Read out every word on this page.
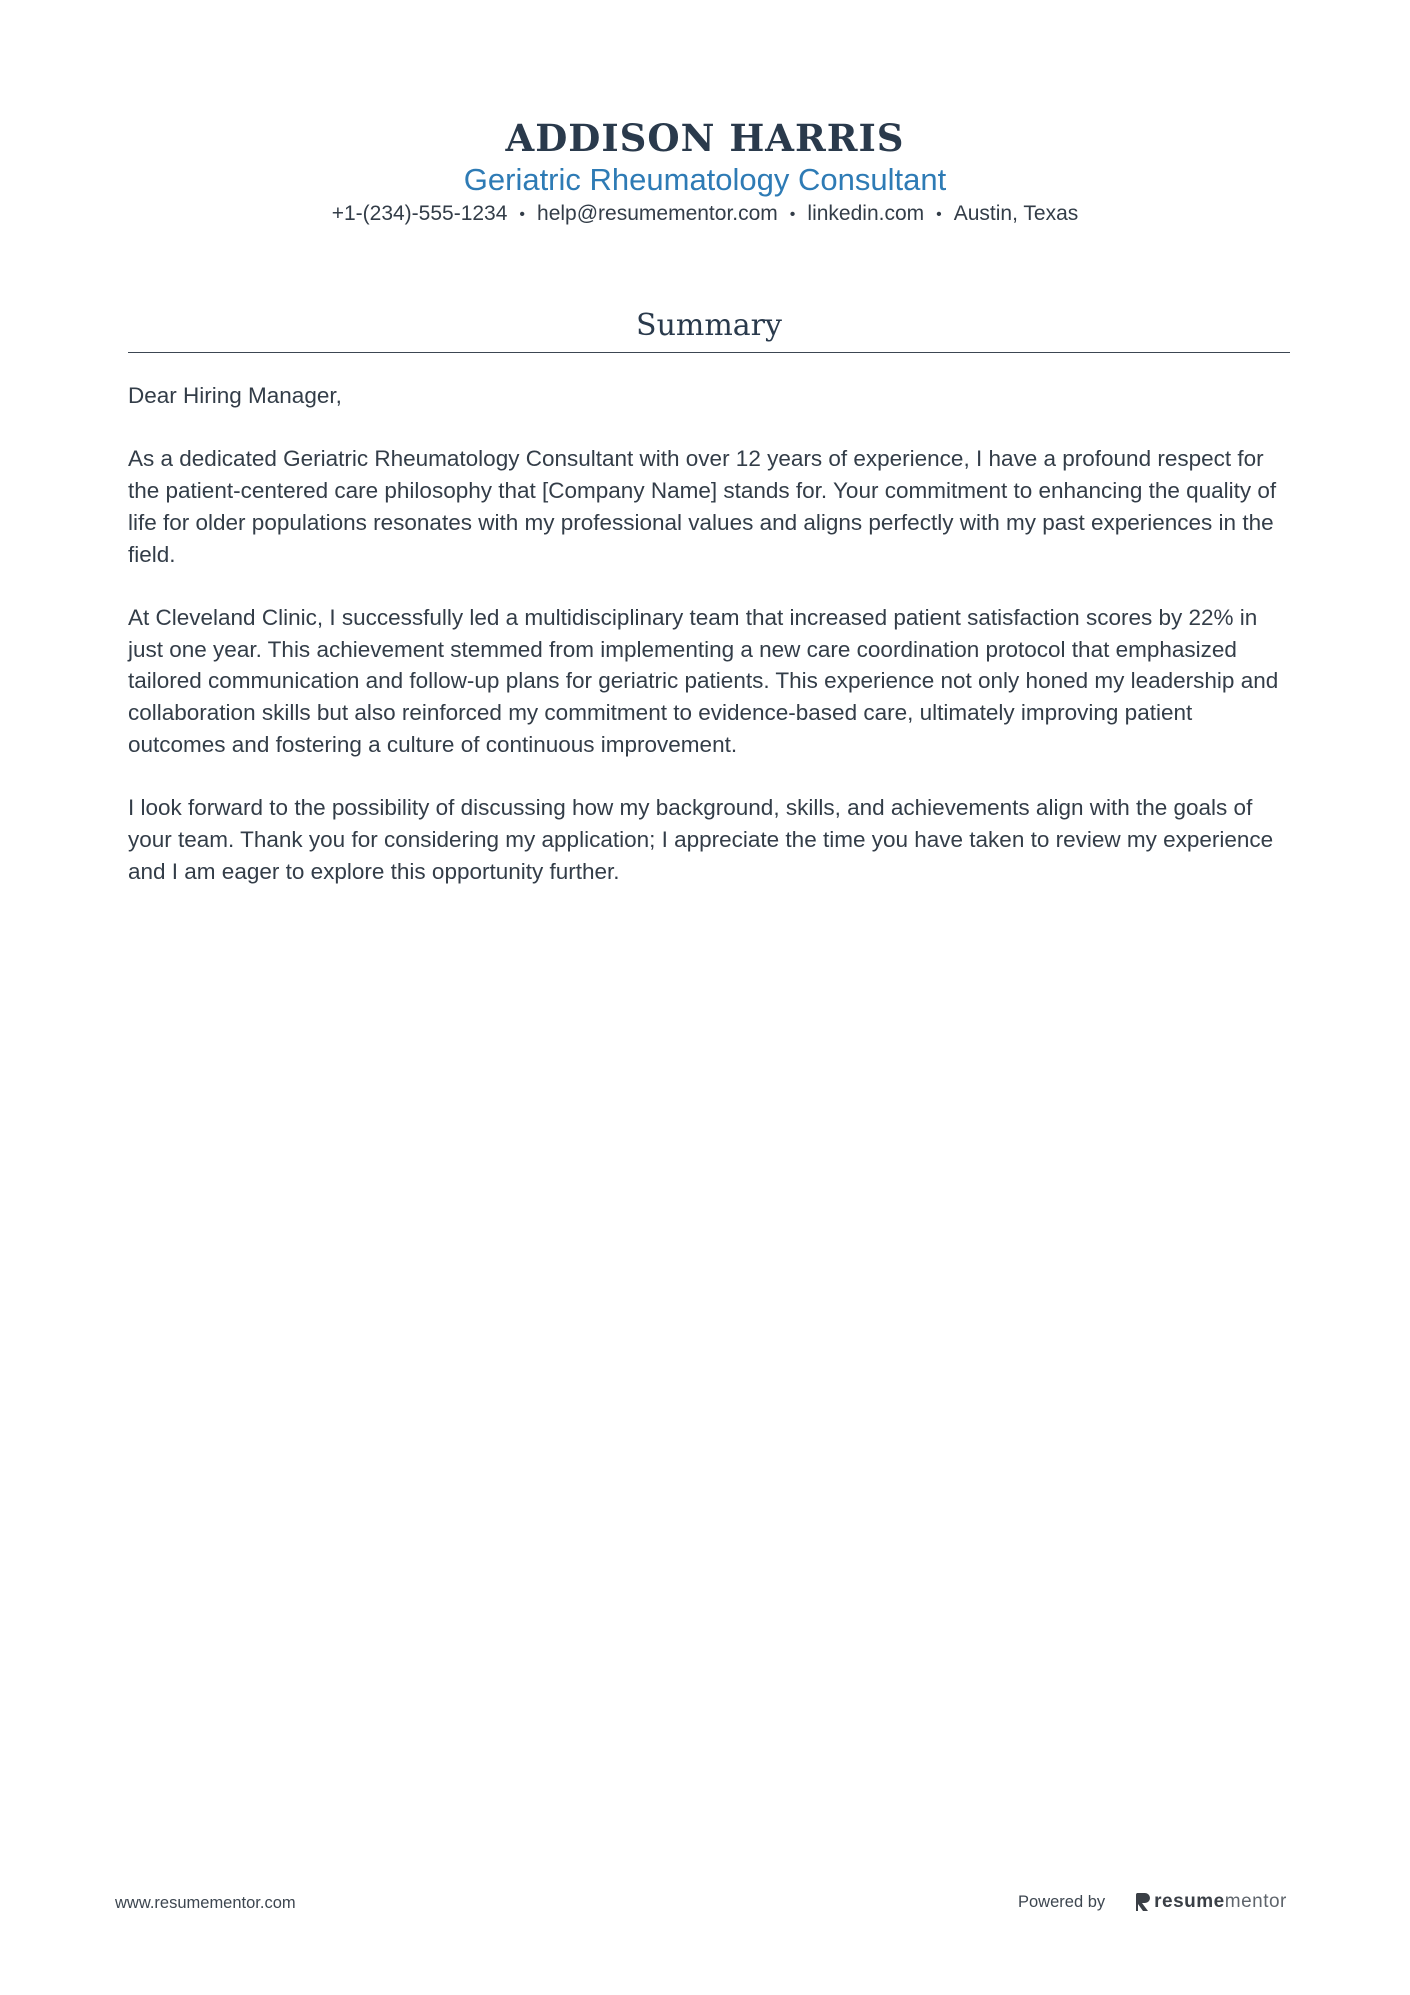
ADDISON HARRIS
Geriatric Rheumatology Consultant
+1-(234)-555-1234 • help@resumementor.com • linkedin.com • Austin, Texas
Summary

Dear Hiring Manager,

As a dedicated Geriatric Rheumatology Consultant with over 12 years of experience, I have a profound respect for the patient-centered care philosophy that [Company Name] stands for. Your commitment to enhancing the quality of life for older populations resonates with my professional values and aligns perfectly with my past experiences in the field.

At Cleveland Clinic, I successfully led a multidisciplinary team that increased patient satisfaction scores by 22% in just one year. This achievement stemmed from implementing a new care coordination protocol that emphasized tailored communication and follow-up plans for geriatric patients. This experience not only honed my leadership and collaboration skills but also reinforced my commitment to evidence-based care, ultimately improving patient outcomes and fostering a culture of continuous improvement.

I look forward to the possibility of discussing how my background, skills, and achievements align with the goals of your team. Thank you for considering my application; I appreciate the time you have taken to review my experience and I am eager to explore this opportunity further.

www.resumementor.com	Powered by	resumementor
